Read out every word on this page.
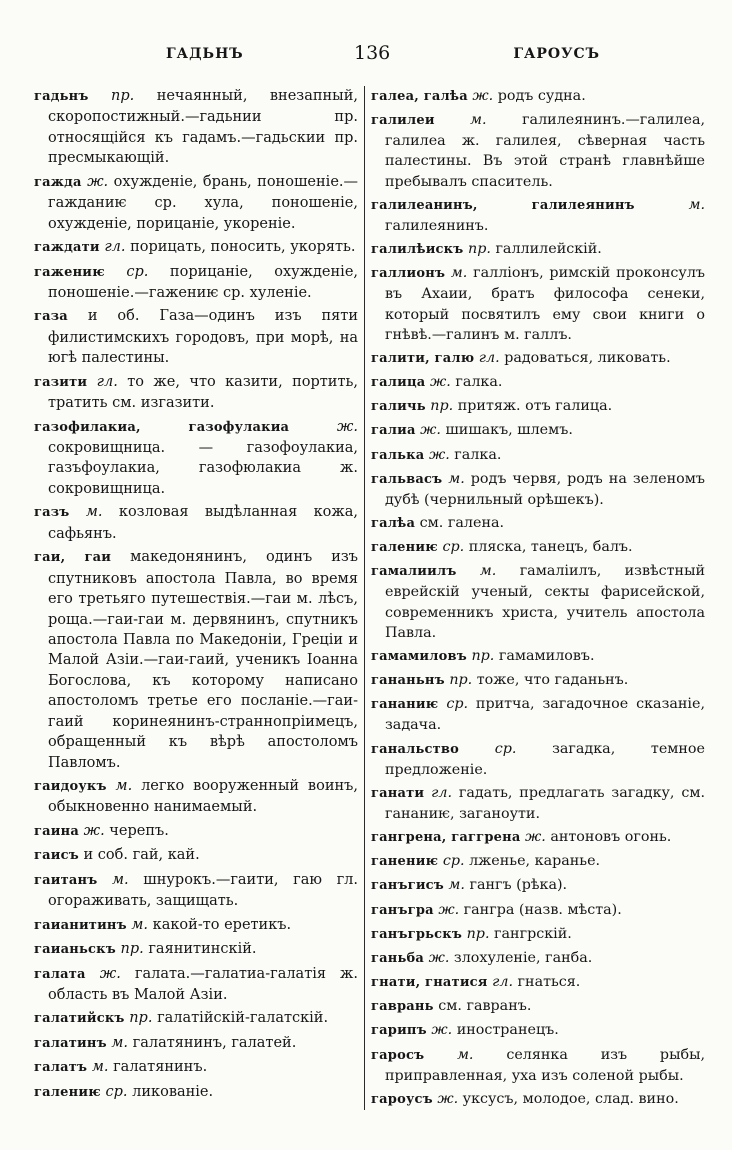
ГАДЬНЪ	136	ГАРОУСЪ

гадьнъ пр. нечаянный, внезапный, скоропостижный.—гадьнии пр. относящійся къ гадамъ.—гадьскии пр. пресмыкающій.

гажда ж. охужденіе, брань, поношеніе.—гажданиѥ ср. хула, поношеніе, охужденіе, порицаніе, укореніе.

гаждати гл. порицать, поносить, укорять.

гажениѥ ср. порицаніе, охужденіе, поношеніе.—гажениѥ ср. хуленіе.

газа и об. Газа—одинъ изъ пяти филистимскихъ городовъ, при морѣ, на югѣ палестины.

газити гл. то же, что казити, портить, тратить см. изгазити.

газофилакиа, газофулакиа	ж. сокровищница. — газофоулакиа, газъфоулакиа, газофюлакиа ж. сокровищница.

газъ м. козловая выдѣланная кожа, сафьянъ.

гаи, гаи македонянинъ, одинъ изъ спутниковъ апостола Павла, во время его третьяго путешествія.—гаи м. лѣсъ, роща.—гаи-гаи м. дервянинъ, спутникъ апостола Павла по Македоніи, Греціи и Малой Азіи.—гаи-гаий, ученикъ Іоанна Богослова, къ которому написано апостоломъ третье его посланіе.—гаи-гаий коринеянинъ-страннопріимецъ, обращенный къ вѣрѣ апостоломъ Павломъ.

гаидоукъ м. легко вооруженный воинъ, обыкновенно нанимаемый.

гаина ж. черепъ.

гаисъ и соб. гай, кай.

гаитанъ м. шнурокъ.—гаити, гаю гл. огораживать, защищать.

гаианитинъ м. какой-то еретикъ.

гаианьскъ пр. гаянитинскій.

галата ж. галата.—галатиа-галатія ж. область въ Малой Азіи.

галатийскъ пр. галатійскій-галатскій.

галатинъ м. галатянинъ, галатей.

галатъ м. галатянинъ.

галениѥ ср. ликованіе.

галеа, галѣа ж. родъ судна.

галилеи м. галилеянинъ.—галилеа, галилеа ж. галилея, сѣверная часть палестины. Въ этой странѣ главнѣйше пребывалъ спаситель.

галилеанинъ, галилеянинъ	м. галилеянинъ.

галилѣискъ пр. галлилейскій.

галлионъ м. галліонъ, римскій проконсулъ въ Ахаии, братъ философа сенеки, который посвятилъ ему свои книги о гнѣвѣ.—галинъ м. галлъ.

галити, галю гл. радоваться, ликовать.

галица ж. галка.

галичь пр. притяж. отъ галица.

галиа ж. шишакъ, шлемъ.

галька ж. галка.

гальвасъ м. родъ червя, родъ на зеленомъ дубѣ (чернильный орѣшекъ).

галѣа см. галена.

галениѥ ср. пляска, танецъ, балъ.

гамалиилъ м. гамаліилъ, извѣстный еврейскій ученый, секты фарисейской, современникъ христа, учитель апостола Павла.

гамамиловъ пр. гамамиловъ.

гананьнъ пр. тоже, что гаданьнъ.

гананиѥ ср. притча, загадочное сказаніе, задача.

ганальство ср. загадка, темное предложеніе.

ганати гл. гадать, предлагать загадку, см. гананиѥ, заганоути.

гангрена, гаггрена ж. антоновъ огонь.

ганениѥ ср. лженье, кaранье.

ганъгисъ м. гангъ (рѣка).

ганъгра ж. гангра (назв. мѣста).

ганъгрьскъ пр. гангрскій.

ганьба ж. злохуленіе, ганба.

гнати, гнатися гл. гнаться.

гаврань см. гавранъ.

гарипъ ж. иностранецъ.

гаросъ м. селянка изъ рыбы, приправленная, уха изъ соленой рыбы.

гароусъ ж. уксусъ, молодое, слад. вино.
